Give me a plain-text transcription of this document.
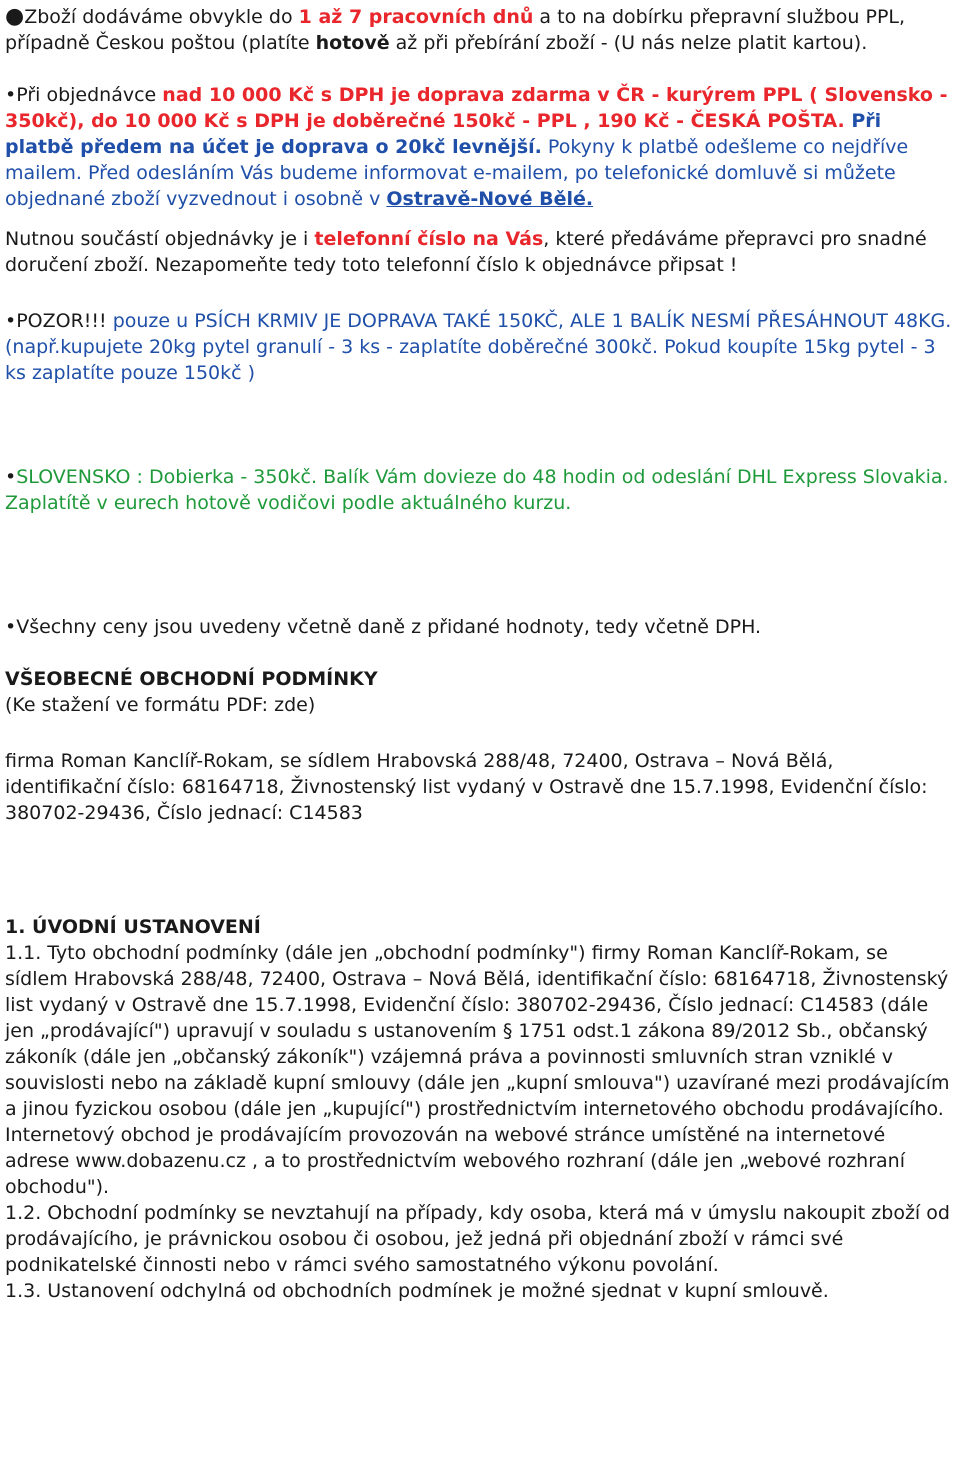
●Zboží dodáváme obvykle do 1 až 7 pracovních dnů a to na dobírku přepravní službou PPL, případně Českou poštou (platíte hotově až při přebírání zboží - (U nás nelze platit kartou).

•Při objednávce nad 10 000 Kč s DPH je doprava zdarma v ČR - kurýrem PPL ( Slovensko - 350kč), do 10 000 Kč s DPH je doběrečné 150kč - PPL , 190 Kč - ČESKÁ POŠTA. Při platbě předem na účet je doprava o 20kč levnější. Pokyny k platbě odešleme co nejdříve mailem. Před odesláním Vás budeme informovat e-mailem, po telefonické domluvě si můžete objednané zboží vyzvednout i osobně v Ostravě-Nové Bělé.

Nutnou součástí objednávky je i telefonní číslo na Vás, které předáváme přepravci pro snadné doručení zboží. Nezapomeňte tedy toto telefonní číslo k objednávce připsat !

•POZOR!!! pouze u PSÍCH KRMIV JE DOPRAVA TAKÉ 150KČ, ALE 1 BALÍK NESMÍ PŘESÁHNOUT 48KG.(např.kupujete 20kg pytel granulí - 3 ks - zaplatíte doběrečné 300kč. Pokud koupíte 15kg pytel - 3 ks zaplatíte pouze 150kč )

•SLOVENSKO : Dobierka - 350kč. Balík Vám dovieze do 48 hodin od odeslání DHL Express Slovakia. Zaplatítě v eurech hotově vodičovi podle aktuálného kurzu.

•Všechny ceny jsou uvedeny včetně daně z přidané hodnoty, tedy včetně DPH.

VŠEOBECNÉ OBCHODNÍ PODMÍNKY

(Ke stažení ve formátu PDF: zde)

firma Roman Kanclíř-Rokam, se sídlem Hrabovská 288/48, 72400, Ostrava – Nová Bělá, identifikační číslo: 68164718, Živnostenský list vydaný v Ostravě dne 15.7.1998, Evidenční číslo: 380702-29436, Číslo jednací: C14583

1. ÚVODNÍ USTANOVENÍ

1.1. Tyto obchodní podmínky (dále jen „obchodní podmínky") firmy Roman Kanclíř-Rokam, se sídlem Hrabovská 288/48, 72400, Ostrava – Nová Bělá, identifikační číslo: 68164718, Živnostenský list vydaný v Ostravě dne 15.7.1998, Evidenční číslo: 380702-29436, Číslo jednací: C14583 (dále jen „prodávající") upravují v souladu s ustanovením § 1751 odst.1 zákona 89/2012 Sb., občanský zákoník (dále jen „občanský zákoník") vzájemná práva a povinnosti smluvních stran vzniklé v souvislosti nebo na základě kupní smlouvy (dále jen „kupní smlouva") uzavírané mezi prodávajícím a jinou fyzickou osobou (dále jen „kupující") prostřednictvím internetového obchodu prodávajícího. Internetový obchod je prodávajícím provozován na webové stránce umístěné na internetové adrese www.dobazenu.cz , a to prostřednictvím webového rozhraní (dále jen „webové rozhraní obchodu").

1.2. Obchodní podmínky se nevztahují na případy, kdy osoba, která má v úmyslu nakoupit zboží od prodávajícího, je právnickou osobou či osobou, jež jedná při objednání zboží v rámci své podnikatelské činnosti nebo v rámci svého samostatného výkonu povolání.

1.3. Ustanovení odchylná od obchodních podmínek je možné sjednat v kupní smlouvě.
